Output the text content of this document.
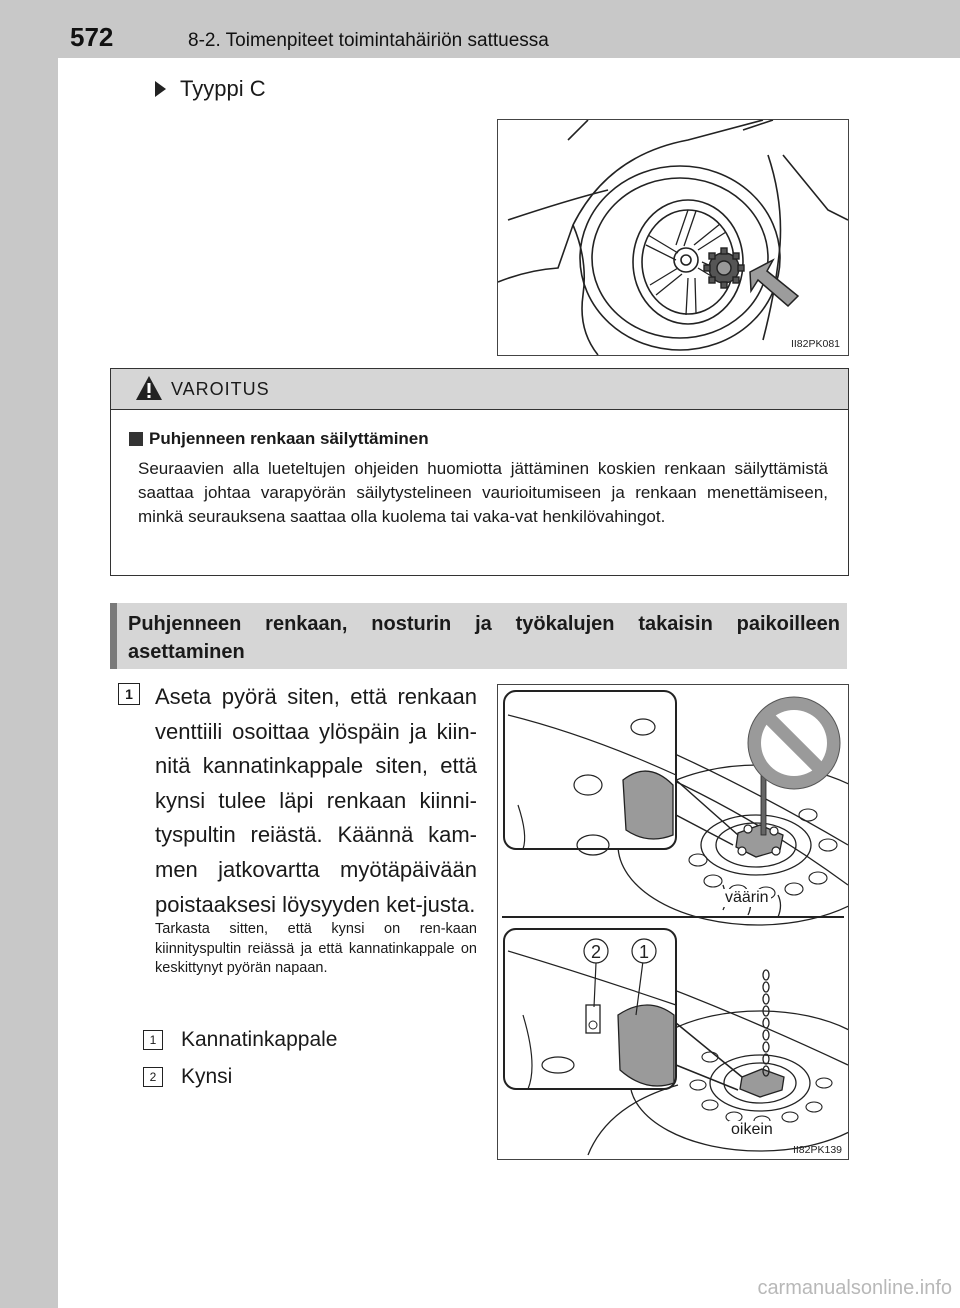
572	8-2. Toimenpiteet toimintahäiriön sattuessa
Tyyppi C
II82PK081
VAROITUS
Puhjenneen renkaan säilyttäminen
Seuraavien alla lueteltujen ohjeiden huomiotta jättäminen koskien renkaan säilyttämistä saattaa johtaa varapyörän säilytystelineen vaurioitumiseen ja renkaan menettämiseen, minkä seurauksena saattaa olla kuolema tai vaka-vat henkilövahingot.
Puhjenneen renkaan, nosturin ja työkalujen takaisin paikoilleen asettaminen
1	Aseta pyörä siten, että renkaan venttiili osoittaa ylöspäin ja kiin-nitä kannatinkappale siten, että kynsi tulee läpi renkaan kiinni-tyspultin reiästä. Käännä kam-men jatkovartta myötäpäivään poistaaksesi löysyyden ket-justa.
Tarkasta sitten, että kynsi on ren-kaan kiinnityspultin reiässä ja että kannatinkappale on keskittynyt pyörän napaan.
1	Kannatinkappale
2	Kynsi
2 1
väärin
oikein
II82PK139
carmanualsonline.info
